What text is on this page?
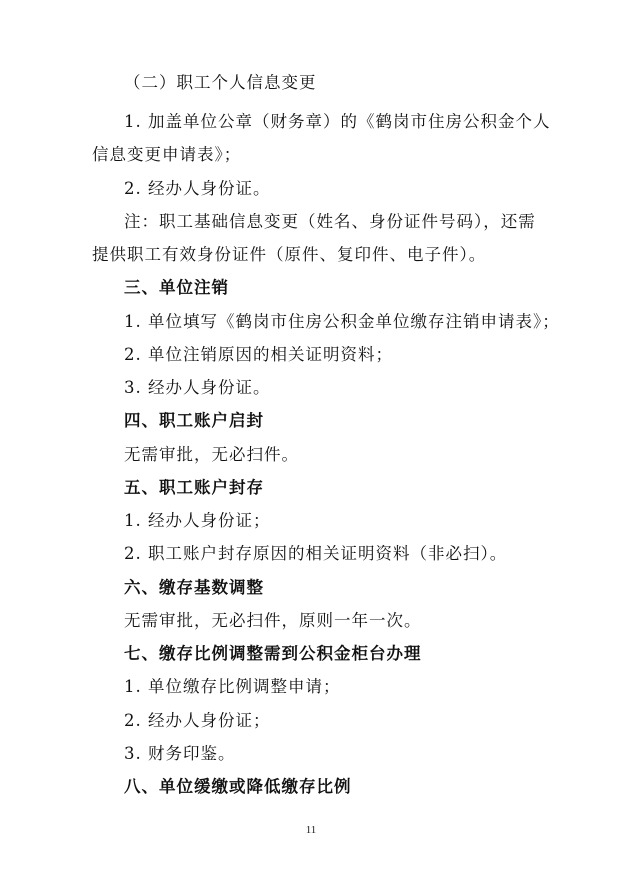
（二）职工个人信息变更
1. 加盖单位公章（财务章）的《鹤岗市住房公积金个人
信息变更申请表》；
2. 经办人身份证。
注：职工基础信息变更（姓名、身份证件号码），还需
提供职工有效身份证件（原件、复印件、电子件）。
三、单位注销
1. 单位填写《鹤岗市住房公积金单位缴存注销申请表》；
2. 单位注销原因的相关证明资料；
3. 经办人身份证。
四、职工账户启封
无需审批，无必扫件。
五、职工账户封存
1. 经办人身份证；
2. 职工账户封存原因的相关证明资料（非必扫）。
六、缴存基数调整
无需审批，无必扫件，原则一年一次。
七、缴存比例调整需到公积金柜台办理
1. 单位缴存比例调整申请；
2. 经办人身份证；
3. 财务印鉴。
八、单位缓缴或降低缴存比例
11
